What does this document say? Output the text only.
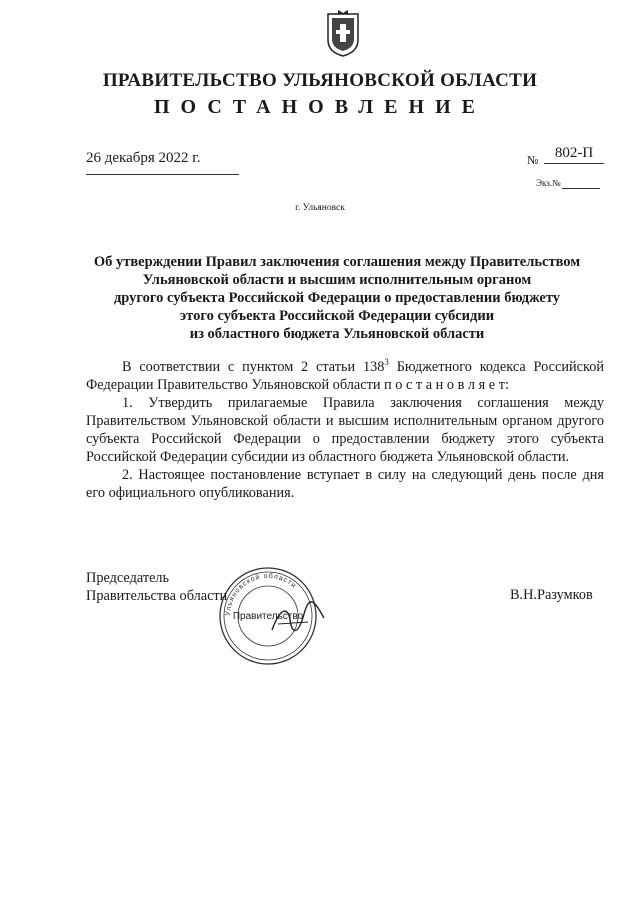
ПРАВИТЕЛЬСТВО УЛЬЯНОВСКОЙ ОБЛАСТИ
ПОСТАНОВЛЕНИЕ
26 декабря 2022 г.	№	802-П
Экз.№
г. Ульяновск
Об утверждении Правил заключения соглашения между Правительством
Ульяновской области и высшим исполнительным органом
другого субъекта Российской Федерации о предоставлении бюджету
этого субъекта Российской Федерации субсидии
из областного бюджета Ульяновской области

В соответствии с пунктом 2 статьи $138^3$ Бюджетного кодекса Российской Федерации Правительство Ульяновской области п о с т а н о в л я е т:

1. Утвердить прилагаемые Правила заключения соглашения между Правительством Ульяновской области и высшим исполнительным органом другого субъекта Российской Федерации о предоставлении бюджету этого субъекта Российской Федерации субсидии из областного бюджета Ульяновской области.

2. Настоящее постановление вступает в силу на следующий день после дня его официального опубликования.

Ульяновской области
Правительство
Председатель
Правительства области	В.Н.Разумков
